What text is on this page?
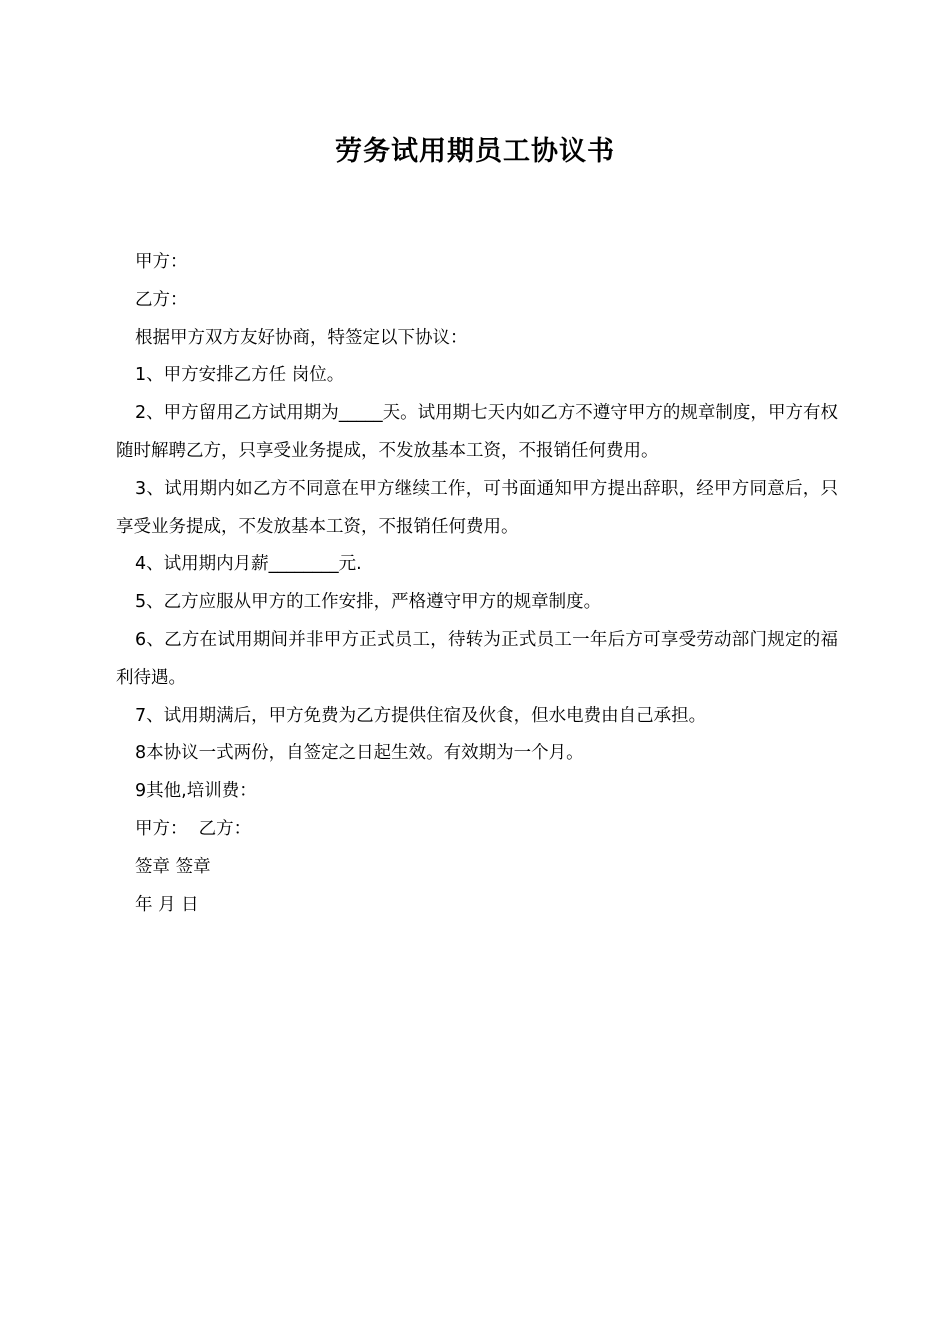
劳务试用期员工协议书

甲方：

乙方：

根据甲方双方友好协商，特签定以下协议：

1、甲方安排乙方任 岗位。

2、甲方留用乙方试用期为_____天。试用期七天内如乙方不遵守甲方的规章制度，甲方有权随时解聘乙方，只享受业务提成，不发放基本工资，不报销任何费用。

3、试用期内如乙方不同意在甲方继续工作，可书面通知甲方提出辞职，经甲方同意后，只享受业务提成，不发放基本工资，不报销任何费用。

4、试用期内月薪________元.

5、乙方应服从甲方的工作安排，严格遵守甲方的规章制度。

6、乙方在试用期间并非甲方正式员工，待转为正式员工一年后方可享受劳动部门规定的福利待遇。

7、试用期满后，甲方免费为乙方提供住宿及伙食，但水电费由自己承担。

8本协议一式两份，自签定之日起生效。有效期为一个月。

9其他,培训费：

甲方：  乙方：

签章 签章

年 月 日
